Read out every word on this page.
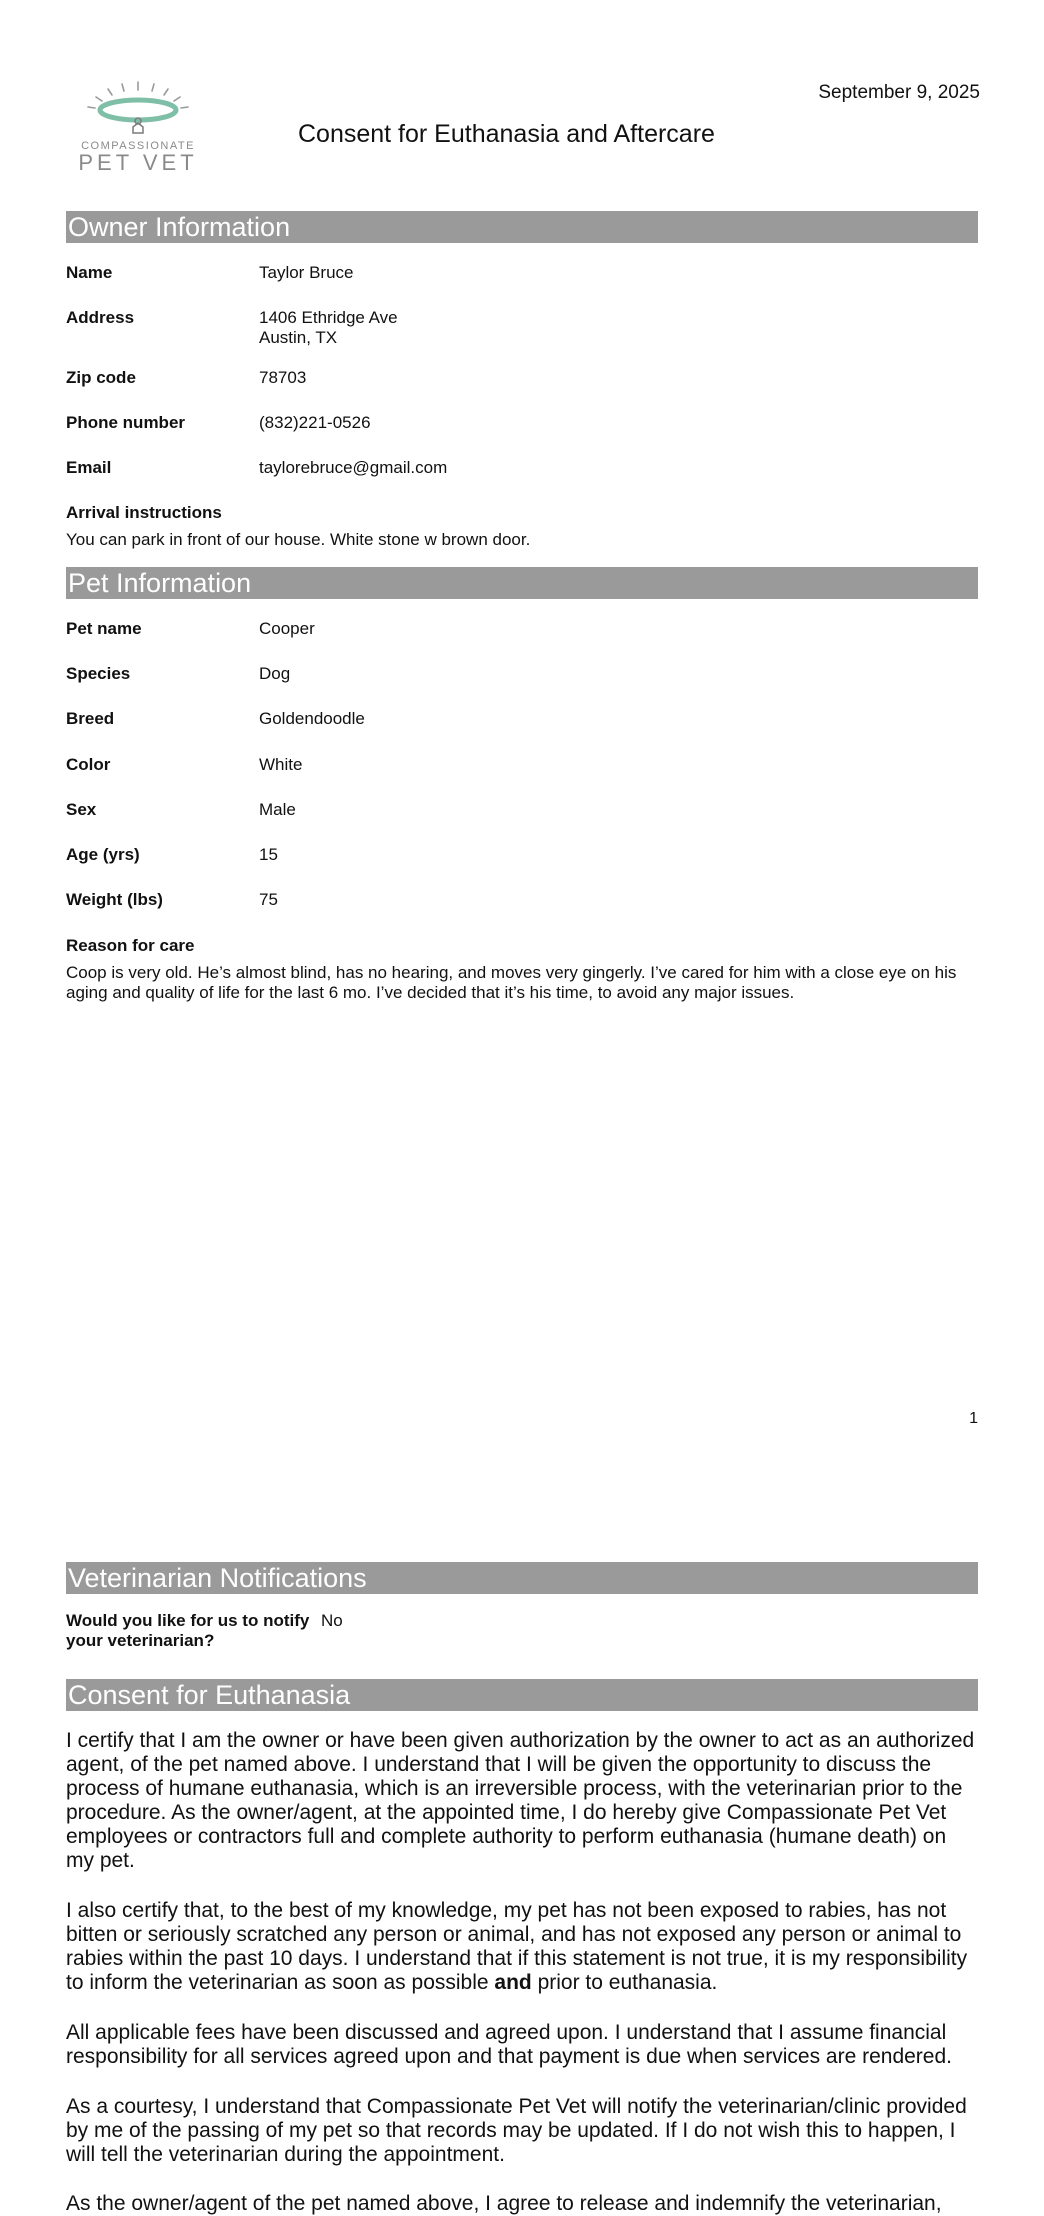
COMPASSIONATE
PET VET
September 9, 2025
Consent for Euthanasia and Aftercare
Owner Information
Name	Taylor Bruce
Address	1406 Ethridge Ave
Austin, TX
Zip code	78703
Phone number	(832)221-0526
Email	taylorebruce@gmail.com
Arrival instructions
You can park in front of our house. White stone w brown door.
Pet Information
Pet name	Cooper
Species	Dog
Breed	Goldendoodle
Color	White
Sex	Male
Age (yrs)	15
Weight (lbs)	75
Reason for care
Coop is very old. He’s almost blind, has no hearing, and moves very gingerly. I’ve cared for him with a close eye on his aging and quality of life for the last 6 mo. I’ve decided that it’s his time, to avoid any major issues.
1
Veterinarian Notifications
Would you like for us to notify your veterinarian?
No
Consent for Euthanasia

I certify that I am the owner or have been given authorization by the owner to act as an authorized agent, of the pet named above. I understand that I will be given the opportunity to discuss the process of humane euthanasia, which is an irreversible process, with the veterinarian prior to the procedure. As the owner/agent, at the appointed time, I do hereby give Compassionate Pet Vet employees or contractors full and complete authority to perform euthanasia (humane death) on my pet.

I also certify that, to the best of my knowledge, my pet has not been exposed to rabies, has not bitten or seriously scratched any person or animal, and has not exposed any person or animal to rabies within the past 10 days. I understand that if this statement is not true, it is my responsibility to inform the veterinarian as soon as possible and prior to euthanasia.

All applicable fees have been discussed and agreed upon. I understand that I assume financial responsibility for all services agreed upon and that payment is due when services are rendered.

As a courtesy, I understand that Compassionate Pet Vet will notify the veterinarian/clinic provided by me of the passing of my pet so that records may be updated. If I do not wish this to happen, I will tell the veterinarian during the appointment.

As the owner/agent of the pet named above, I agree to release and indemnify the veterinarian,
